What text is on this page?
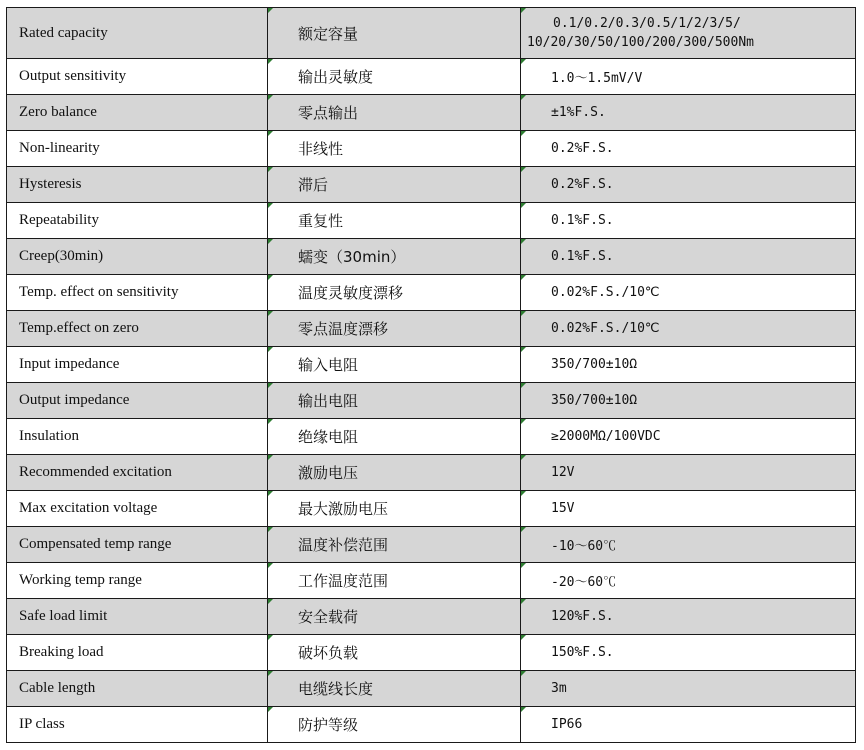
Rated capacity	额定容量	0.1/0.2/0.3/0.5/1/2/3/5/
10/20/30/50/100/200/300/500Nm

Output sensitivity	输出灵敏度	1.0～1.5mV/V
Zero balance	零点输出	±1%F.S.
Non-linearity	非线性	0.2%F.S.
Hysteresis	滞后	0.2%F.S.
Repeatability	重复性	0.1%F.S.
Creep(30min)	蠕变（30min）	0.1%F.S.
Temp. effect on sensitivity	温度灵敏度漂移	0.02%F.S./10℃
Temp.effect on zero	零点温度漂移	0.02%F.S./10℃
Input impedance	输入电阻	350/700±10Ω
Output impedance	输出电阻	350/700±10Ω
Insulation	绝缘电阻	≥2000MΩ/100VDC
Recommended excitation	激励电压	12V
Max excitation voltage	最大激励电压	15V
Compensated temp range	温度补偿范围	-10～60℃
Working temp range	工作温度范围	-20～60℃
Safe load limit	安全载荷	120%F.S.
Breaking load	破坏负载	150%F.S.
Cable length	电缆线长度	3m
IP class	防护等级	IP66
